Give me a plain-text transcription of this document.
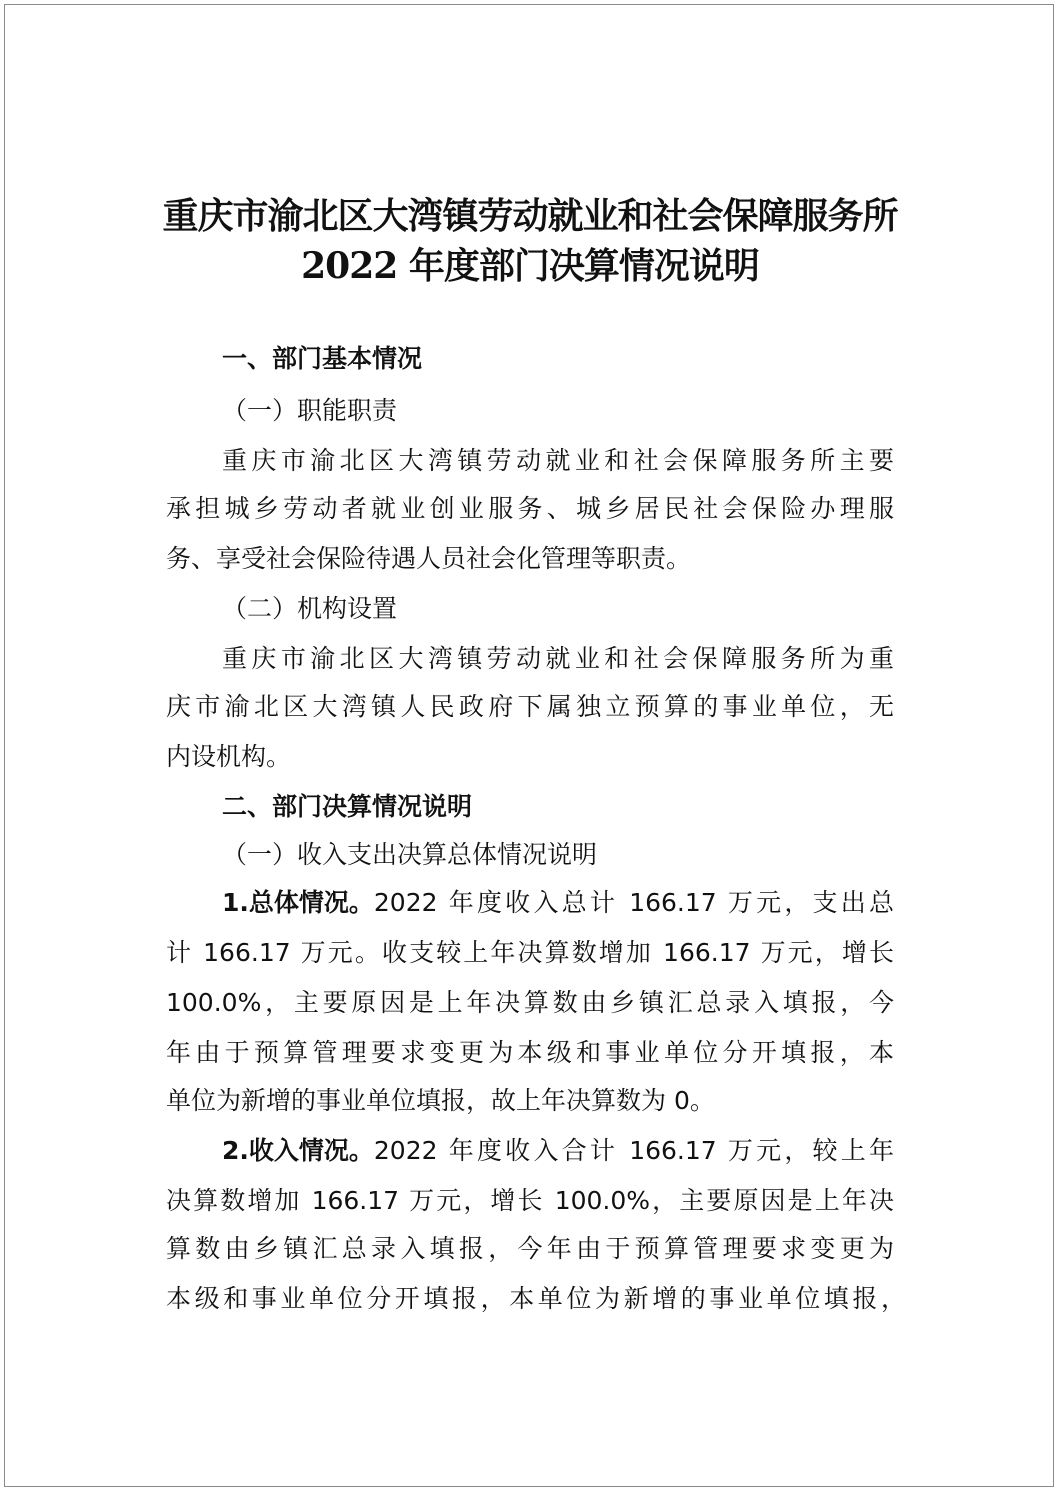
重庆市渝北区大湾镇劳动就业和社会保障服务所
2022 年度部门决算情况说明
一、部门基本情况
（一）职能职责
重庆市渝北区大湾镇劳动就业和社会保障服务所主要
承担城乡劳动者就业创业服务、城乡居民社会保险办理服
务、享受社会保险待遇人员社会化管理等职责。
（二）机构设置
重庆市渝北区大湾镇劳动就业和社会保障服务所为重
庆市渝北区大湾镇人民政府下属独立预算的事业单位，无
内设机构。
二、部门决算情况说明
（一）收入支出决算总体情况说明
1.总体情况。 2022 年度收入总计 166.17 万元，支出总
计 166.17 万元。收支较上年决算数增加 166.17 万元，增长
100.0%，主要原因是上年决算数由乡镇汇总录入填报，今
年由于预算管理要求变更为本级和事业单位分开填报，本
单位为新增的事业单位填报，故上年决算数为 0。
2.收入情况。 2022 年度收入合计 166.17 万元，较上年
决算数增加 166.17 万元，增长 100.0%，主要原因是上年决
算数由乡镇汇总录入填报，今年由于预算管理要求变更为
本级和事业单位分开填报，本单位为新增的事业单位填报，
